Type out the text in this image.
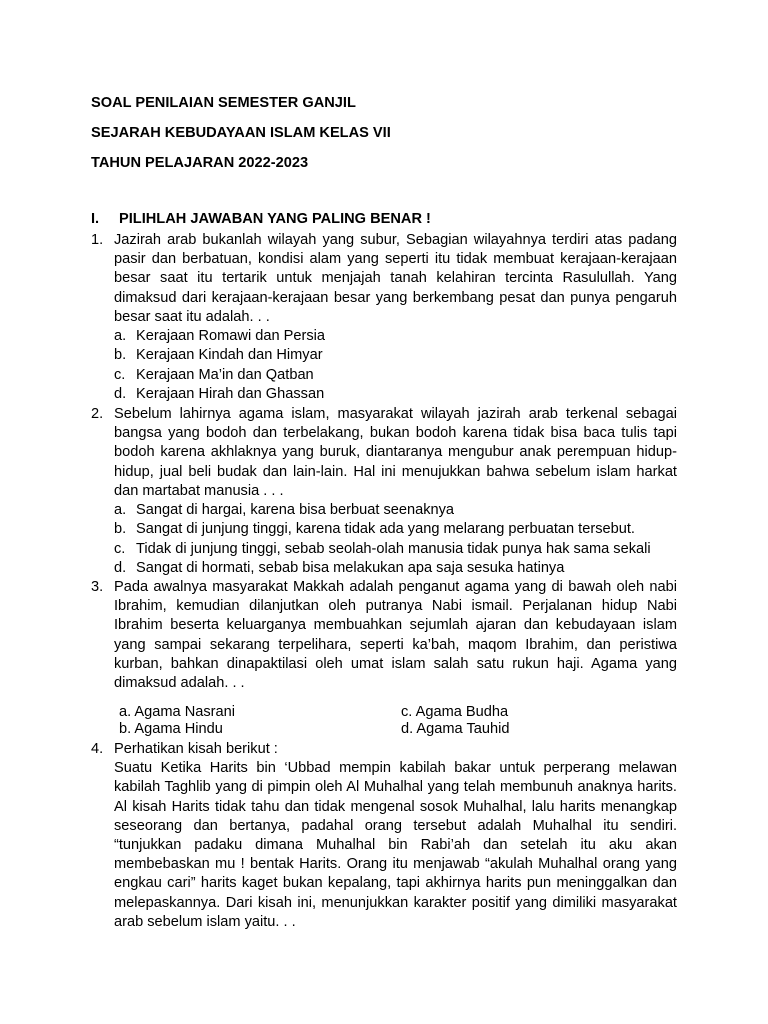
SOAL PENILAIAN SEMESTER GANJIL
SEJARAH KEBUDAYAAN ISLAM KELAS VII
TAHUN PELAJARAN 2022-2023
I. PILIHLAH JAWABAN YANG PALING BENAR !
1. Jazirah arab bukanlah wilayah yang subur, Sebagian wilayahnya terdiri atas padang pasir dan berbatuan, kondisi alam yang seperti itu tidak membuat kerajaan-kerajaan besar saat itu tertarik untuk menjajah tanah kelahiran tercinta Rasulullah. Yang dimaksud dari kerajaan-kerajaan besar yang berkembang pesat dan punya pengaruh besar saat itu adalah. . .

a. Kerajaan Romawi dan Persia
b. Kerajaan Kindah dan Himyar
c. Kerajaan Ma’in dan Qatban
d. Kerajaan Hirah dan Ghassan
2. Sebelum lahirnya agama islam, masyarakat wilayah jazirah arab terkenal sebagai bangsa yang bodoh dan terbelakang, bukan bodoh karena tidak bisa baca tulis tapi bodoh karena akhlaknya yang buruk, diantaranya mengubur anak perempuan hidup-hidup, jual beli budak dan lain-lain. Hal ini menujukkan bahwa sebelum islam harkat dan martabat manusia . . .

a. Sangat di hargai, karena bisa berbuat seenaknya
b. Sangat di junjung tinggi, karena tidak ada yang melarang perbuatan tersebut.
c. Tidak di junjung tinggi, sebab seolah-olah manusia tidak punya hak sama sekali
d. Sangat di hormati, sebab bisa melakukan apa saja sesuka hatinya
3. Pada awalnya masyarakat Makkah adalah penganut agama yang di bawah oleh nabi Ibrahim, kemudian dilanjutkan oleh putranya Nabi ismail. Perjalanan hidup Nabi Ibrahim beserta keluarganya membuahkan sejumlah ajaran dan kebudayaan islam yang sampai sekarang terpelihara, seperti ka’bah, maqom Ibrahim, dan peristiwa kurban, bahkan dinapaktilasi oleh umat islam salah satu rukun haji. Agama yang dimaksud adalah. . .

a. Agama Nasrani	c. Agama Budha
b. Agama Hindu	d. Agama Tauhid
4. Perhatikan kisah berikut :

Suatu Ketika Harits bin ‘Ubbad mempin kabilah bakar untuk perperang melawan kabilah Taghlib yang di pimpin oleh Al Muhalhal yang telah membunuh anaknya harits. Al kisah Harits tidak tahu dan tidak mengenal sosok Muhalhal, lalu harits menangkap seseorang dan bertanya, padahal orang tersebut adalah Muhalhal itu sendiri. “tunjukkan padaku dimana Muhalhal bin Rabi’ah dan setelah itu aku akan membebaskan mu ! bentak Harits. Orang itu menjawab “akulah Muhalhal orang yang engkau cari” harits kaget bukan kepalang, tapi akhirnya harits pun meninggalkan dan melepaskannya. Dari kisah ini, menunjukkan karakter positif yang dimiliki masyarakat arab sebelum islam yaitu. . .
